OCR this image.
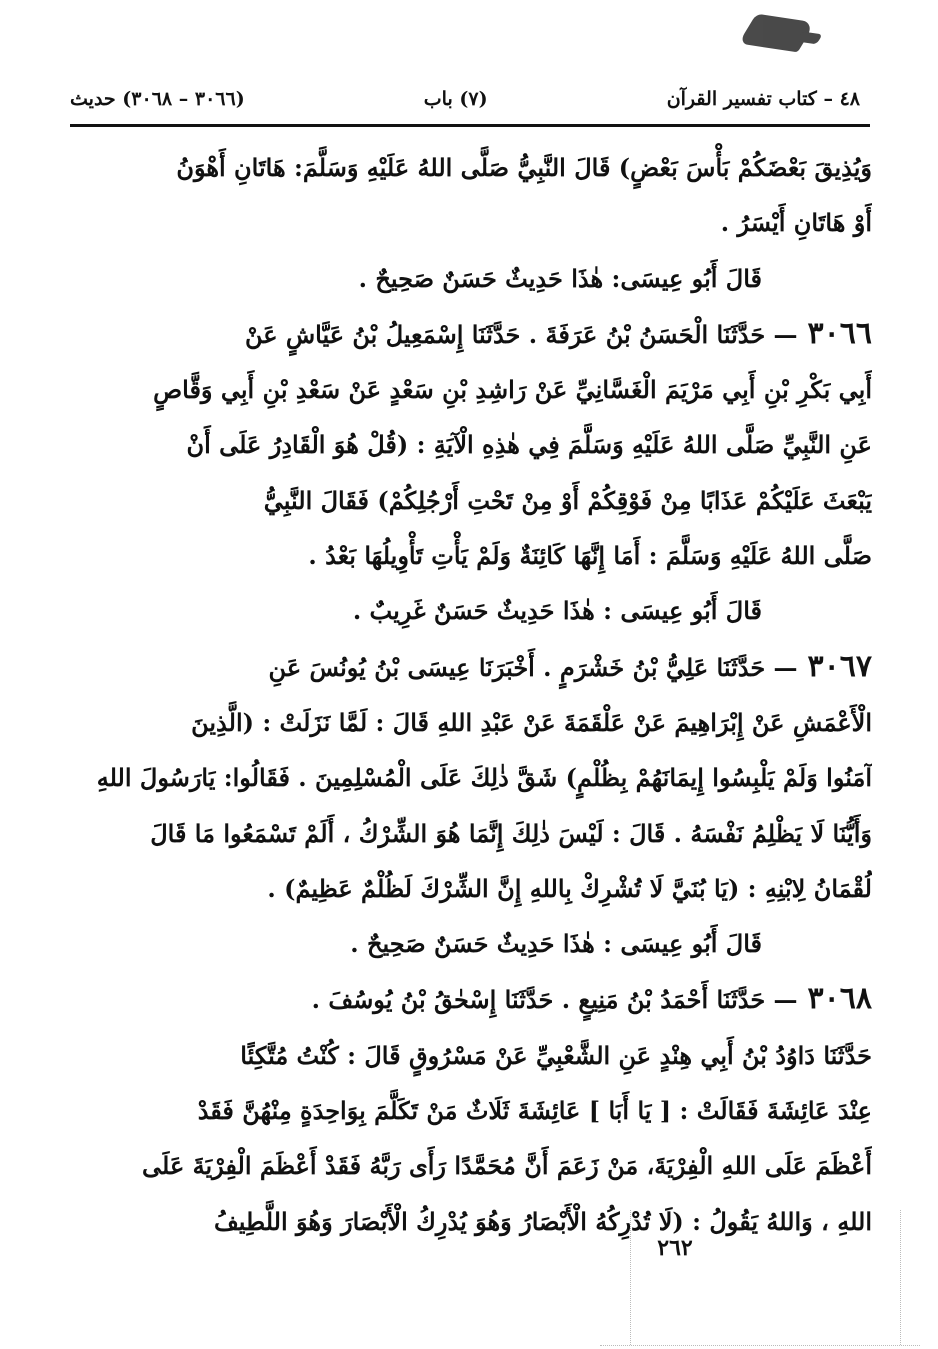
٤٨ – كتاب تفسير القرآن
(٧) باب
(٣٠٦٦ – ٣٠٦٨) حديث
وَيُذِيقَ بَعْضَكُمْ بَأْسَ بَعْضٍ) قَالَ النَّبِيُّ صَلَّى اللهُ عَلَيْهِ وَسَلَّمَ: هَاتَانِ أَهْوَنُ
أَوْ هَاتَانِ أَيْسَرُ .
قَالَ أَبُو عِيسَى: هٰذَا حَدِيثٌ حَسَنٌ صَحِيحٌ .
٣٠٦٦— حَدَّثَنَا الْحَسَنُ بْنُ عَرَفَةَ . حَدَّثَنَا إِسْمَعِيلُ بْنُ عَيَّاشٍ عَنْ
أَبِي بَكْرِ بْنِ أَبِي مَرْيَمَ الْغَسَّانِيِّ عَنْ رَاشِدِ بْنِ سَعْدٍ عَنْ سَعْدِ بْنِ أَبِي وَقَّاصٍ
عَنِ النَّبِيِّ صَلَّى اللهُ عَلَيْهِ وَسَلَّمَ فِي هٰذِهِ الْآيَةِ : (قُلْ هُوَ الْقَادِرُ عَلَى أَنْ
يَبْعَثَ عَلَيْكُمْ عَذَابًا مِنْ فَوْقِكُمْ أَوْ مِنْ تَحْتِ أَرْجُلِكُمْ) فَقَالَ النَّبِيُّ
صَلَّى اللهُ عَلَيْهِ وَسَلَّمَ : أَمَا إِنَّهَا كَائِنَةٌ وَلَمْ يَأْتِ تَأْوِيلُهَا بَعْدُ .
قَالَ أَبُو عِيسَى : هٰذَا حَدِيثٌ حَسَنٌ غَرِيبٌ .
٣٠٦٧— حَدَّثَنَا عَلِيُّ بْنُ خَشْرَمٍ . أَخْبَرَنَا عِيسَى بْنُ يُونُسَ عَنِ
الْأَعْمَشِ عَنْ إِبْرَاهِيمَ عَنْ عَلْقَمَةَ عَنْ عَبْدِ اللهِ قَالَ : لَمَّا نَزَلَتْ : (الَّذِينَ
آمَنُوا وَلَمْ يَلْبِسُوا إِيمَانَهُمْ بِظُلْمٍ) شَقَّ ذٰلِكَ عَلَى الْمُسْلِمِينَ . فَقَالُوا: يَارَسُولَ اللهِ
وَأَيُّنَا لَا يَظْلِمُ نَفْسَهُ . قَالَ : لَيْسَ ذٰلِكَ إِنَّمَا هُوَ الشِّرْكُ ، أَلَمْ تَسْمَعُوا مَا قَالَ
لُقْمَانُ لِابْنِهِ : (يَا بُنَيَّ لَا تُشْرِكْ بِاللهِ إِنَّ الشِّرْكَ لَظُلْمٌ عَظِيمٌ) .
قَالَ أَبُو عِيسَى : هٰذَا حَدِيثٌ حَسَنٌ صَحِيحٌ .
٣٠٦٨— حَدَّثَنَا أَحْمَدُ بْنُ مَنِيعٍ . حَدَّثَنَا إِسْحٰقُ بْنُ يُوسُفَ .
حَدَّثَنَا دَاوُدُ بْنُ أَبِي هِنْدٍ عَنِ الشَّعْبِيِّ عَنْ مَسْرُوقٍ قَالَ : كُنْتُ مُتَّكِئًا
عِنْدَ عَائِشَةَ فَقَالَتْ : [ يَا أَبَا ] عَائِشَةَ ثَلَاثٌ مَنْ تَكَلَّمَ بِوَاحِدَةٍ مِنْهُنَّ فَقَدْ
أَعْظَمَ عَلَى اللهِ الْفِرْيَةَ، مَنْ زَعَمَ أَنَّ مُحَمَّدًا رَأَى رَبَّهُ فَقَدْ أَعْظَمَ الْفِرْيَةَ عَلَى
اللهِ ، وَاللهُ يَقُولُ : (لَا تُدْرِكُهُ الْأَبْصَارُ وَهُوَ يُدْرِكُ الْأَبْصَارَ وَهُوَ اللَّطِيفُ
٢٦٢
